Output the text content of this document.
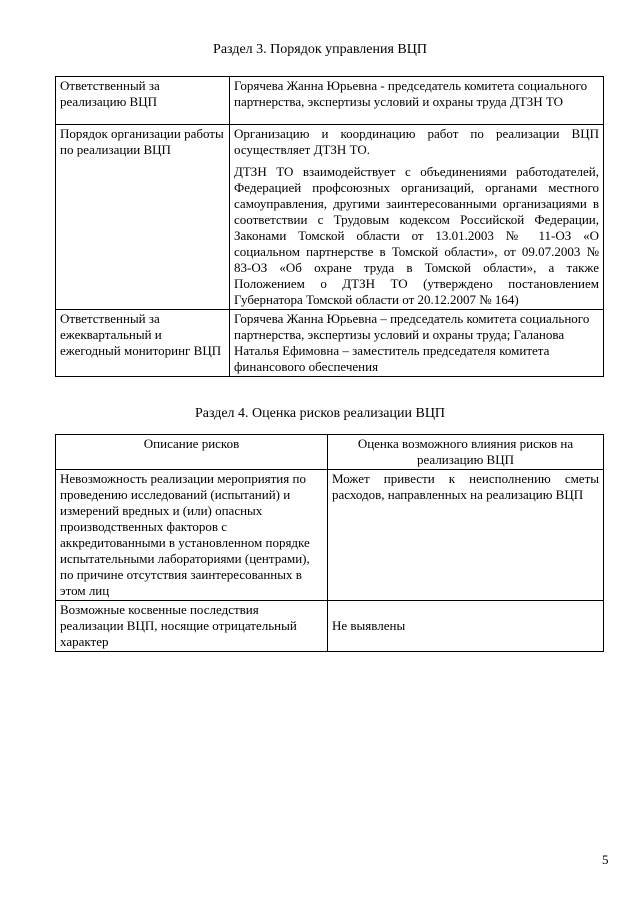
Раздел 3. Порядок управления ВЦП
Ответственный за реализацию ВЦП	Горячева Жанна Юрьевна - председатель комитета социального партнерства, экспертизы условий и охраны труда ДТЗН ТО

Порядок организации работы по реализации ВЦП	Организацию и координацию работ по реализации ВЦП осуществляет ДТЗН ТО.
ДТЗН ТО взаимодействует с объединениями работодателей, Федерацией профсоюзных организаций, органами местного самоуправления, другими заинтересованными организациями в соответствии с Трудовым кодексом Российской Федерации, Законами Томской области от 13.01.2003 № 11-ОЗ «О социальном партнерстве в Томской области», от 09.07.2003 № 83-ОЗ «Об охране труда в Томской области», а также Положением о ДТЗН ТО (утверждено постановлением Губернатора Томской области от 20.12.2007 № 164)

Ответственный за ежеквартальный и ежегодный мониторинг ВЦП	Горячева Жанна Юрьевна – председатель комитета социального партнерства, экспертизы условий и охраны труда; Галанова Наталья Ефимовна – заместитель председателя комитета финансового обеспечения
Раздел 4. Оценка рисков реализации ВЦП
Описание рисков	Оценка возможного влияния рисков на реализацию ВЦП
Невозможность реализации мероприятия по проведению исследований (испытаний) и измерений вредных и (или) опасных производственных факторов с аккредитованными в установленном порядке испытательными лабораториями (центрами), по причине отсутствия заинтересованных в этом лиц	Может привести к неисполнению сметы расходов, направленных на реализацию ВЦП
Возможные косвенные последствия реализации ВЦП, носящие отрицательный характер	Не выявлены
5
